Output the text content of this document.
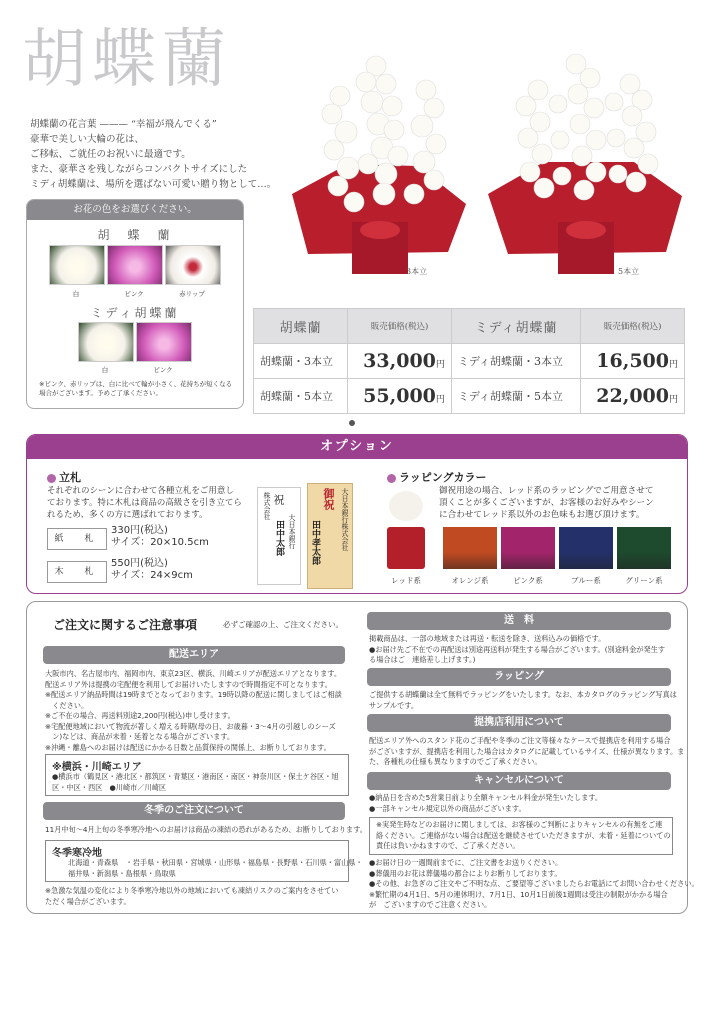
胡蝶蘭
胡蝶蘭の花言葉 ——— “幸福が飛んでくる”
豪華で美しい大輪の花は、
ご移転、ご就任のお祝いに最適です。
また、豪華さを残しながらコンパクトサイズにした
ミディ胡蝶蘭は、場所を選ばない可愛い贈り物として…。
お花の色をお選びください。
胡　蝶　蘭
白	ピンク	赤リップ
ミディ胡蝶蘭
白	ピンク
※ピンク、赤リップは、白に比べて輪が小さく、花持ちが短くなる
場合がございます。予めご了承ください。
3本立	5本立
胡蝶蘭	販売価格(税込)	ミディ胡蝶蘭	販売価格(税込)
胡蝶蘭・3本立	33,000円	ミディ胡蝶蘭・3本立	16,500円
胡蝶蘭・5本立	55,000円	ミディ胡蝶蘭・5本立	22,000円
オプション
立札
それぞれのシーンに合わせて各種立札をご用意し
ております。特に木札は商品の高級さを引き立てら
れるため、多くの方に選ばれております。
紙　札
330円(税込)
サイズ：20×10.5cm
木　札
550円(税込)
サイズ：24×9cm
祝
株式会社
大日本銀行
田中太郎
御祝 大日本銀行株式会社
田中孝太郎
ラッピングカラー
御祝用途の場合、レッド系のラッピングでご用意させて
頂くことが多くございますが、お客様のお好みやシーン
に合わせてレッド系以外のお色味もお選び頂けます。
レッド系	オレンジ系	ピンク系	ブルー系	グリーン系
ご注文に関するご注意事項	必ずご確認の上、ご注文ください。
配送エリア
大阪市内、名古屋市内、福岡市内、東京23区、横浜、川崎エリアが配送エリアとなります。
配送エリア外は提携の宅配便を利用してお届けいたしますので時間指定不可となります。
※配送エリア納品時間は19時までとなっております。19時以降の配送に関しましてはご相談
　ください。
※ご不在の場合、再送料別途2,200円(税込)申し受けます。
※宅配便地域において物流が著しく増える時期(母の日、お歳暮・3〜4月の引越しのシーズ
　ン)などは、商品が未着・延着となる場合がございます。
※沖縄・離島へのお届けは配送にかかる日数と品質保持の関係上、お断りしております。
※横浜・川崎エリア
●横浜市（鶴見区・港北区・都筑区・青葉区・港南区・南区・神奈川区・保土ケ谷区・旭
区・中区・西区　●川崎市／川崎区
冬季のご注文について
11月中旬〜4月上旬の冬季寒冷地へのお届けは商品の凍結の恐れがあるため、お断りしております。
冬季寒冷地
北海道・青森県　・岩手県・秋田県・宮城県・山形県・福島県・長野県・石川県・富山県・
福井県・新潟県・島根県・鳥取県
※急激な気温の変化により冬季寒冷地以外の地域においても凍結リスクのご案内をさせてい
ただく場合がございます。
送　料
掲載商品は、一部の地域または再送・転送を除き、送料込みの価格です。
●お届け先ご不在での再配送は別途再送料が発生する場合がございます。(別途料金が発生す
る場合はご　連絡差し上げます。)
ラッピング
ご提供する胡蝶蘭は全て無料でラッピングをいたします。なお、本カタログのラッピング写真は
サンプルです。
提携店利用について
配送エリア外へのスタンド花のご手配や冬季のご注文等様々なケースで提携店を利用する場合
がございますが、提携店を利用した場合はカタログに記載しているサイズ、仕様が異なります。ま
た、各種札の仕様も異なりますのでご了承ください。
キャンセルについて
●納品日を含めた5営業日前より全額キャンセル料金が発生いたします。
●一部キャンセル規定以外の商品がございます。
※実発生時などのお届けに関しましては、お客様のご判断によりキャンセルの有無をご連
絡ください。ご連絡がない場合は配送を継続させていただきますが、未着・延着についての
責任は負いかねますので、ご了承ください。
●お届け日の一週間前までに、ご注文書をお送りください。
●葬儀用のお花は葬儀場の都合によりお断りしております。
●その他、お急ぎのご注文やご不明な点、ご要望等ございましたらお電話にてお問い合わせください。
※繁忙期の4月1日、5月の連休明け、7月1日、10月1日前後1週間は受注の制限がかかる場合
が　ございますのでご注意ください。
